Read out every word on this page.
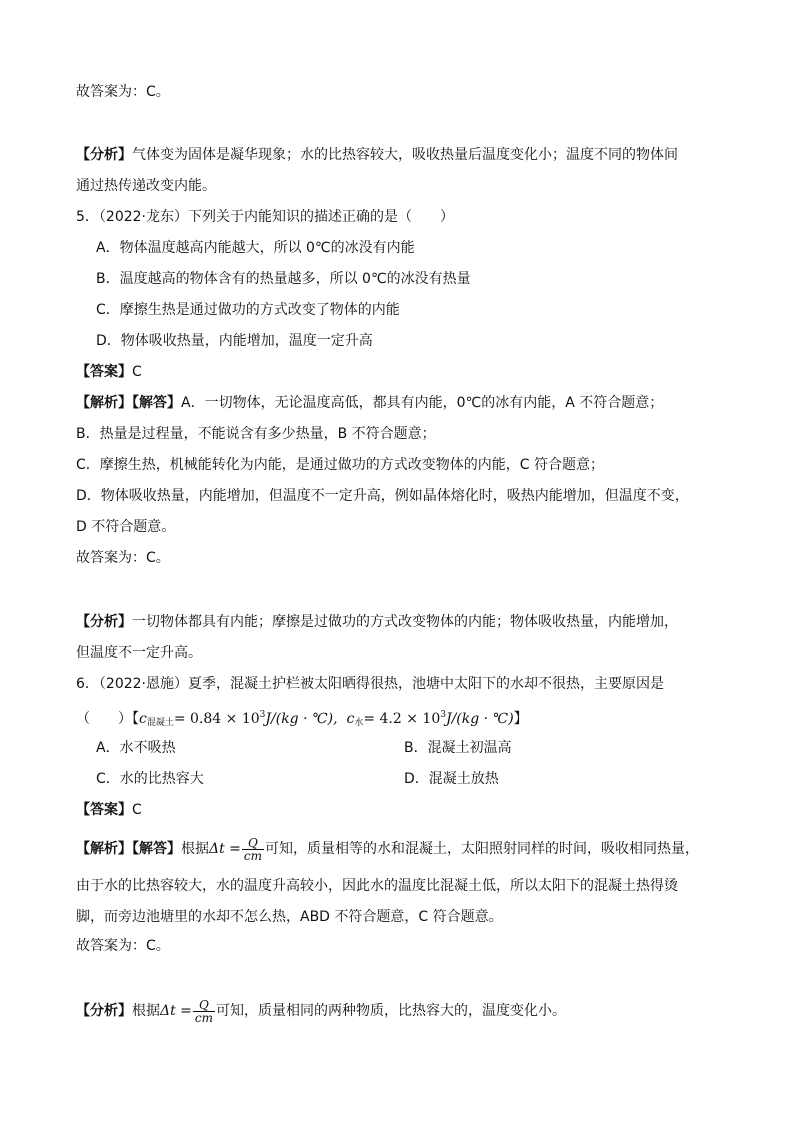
故答案为：C。
【分析】气体变为固体是凝华现象；水的比热容较大，吸收热量后温度变化小；温度不同的物体间
通过热传递改变内能。
5．（2022·龙东）下列关于内能知识的描述正确的是（　　）
A．物体温度越高内能越大，所以 0℃的冰没有内能
B．温度越高的物体含有的热量越多，所以 0℃的冰没有热量
C．摩擦生热是通过做功的方式改变了物体的内能
D．物体吸收热量，内能增加，温度一定升高
【答案】C
【解析】【解答】A．一切物体，无论温度高低，都具有内能，0℃的冰有内能，A 不符合题意；
B．热量是过程量，不能说含有多少热量，B 不符合题意；
C．摩擦生热，机械能转化为内能，是通过做功的方式改变物体的内能，C 符合题意；
D．物体吸收热量，内能增加，但温度不一定升高，例如晶体熔化时，吸热内能增加，但温度不变，
D 不符合题意。
故答案为：C。
【分析】一切物体都具有内能；摩擦是过做功的方式改变物体的内能；物体吸收热量，内能增加，
但温度不一定升高。
6．（2022·恩施）夏季，混凝土护栏被太阳晒得很热，池塘中太阳下的水却不很热，主要原因是
（　　）【$c_{混凝土}= 0.84 \times 10^3J/(kg$ · ℃), $c_水= 4.2 \times 10^3J/(kg$ · ℃)】
A．水不吸热	B．混凝土初温高
C．水的比热容大	D．混凝土放热
【答案】C
【解析】【解答】根据$\Delta t = \frac{Q}{cm}$ 可知，质量相等的水和混凝土，太阳照射同样的时间，吸收相同热量，
由于水的比热容较大，水的温度升高较小，因此水的温度比混凝土低，所以太阳下的混凝土热得烫
脚，而旁边池塘里的水却不怎么热，ABD 不符合题意，C 符合题意。
故答案为：C。
【分析】根据$\Delta t = \frac{Q}{cm}$ 可知，质量相同的两种物质，比热容大的，温度变化小。
